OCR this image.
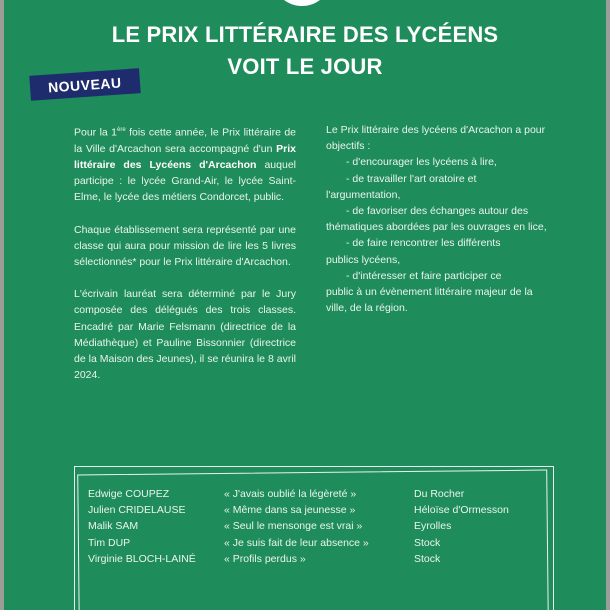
LE PRIX LITTÉRAIRE DES LYCÉENS
VOIT LE JOUR
NOUVEAU

Pour la 1ère fois cette année, le Prix littéraire de la Ville d'Arcachon sera accompagné d'un Prix littéraire des Lycéens d'Arcachon auquel participe : le lycée Grand-Air, le lycée Saint-Elme, le lycée des métiers Condorcet, public.

Chaque établissement sera représenté par une classe qui aura pour mission de lire les 5 livres sélectionnés* pour le Prix littéraire d'Arcachon.

L'écrivain lauréat sera déterminé par le Jury composée des délégués des trois classes. Encadré par Marie Felsmann (directrice de la Médiathèque) et Pauline Bissonnier (directrice de la Maison des Jeunes), il se réunira le 8 avril 2024.

Le Prix littéraire des lycéens d'Arcachon a pour objectifs :
- d'encourager les lycéens à lire,
- de travailler l'art oratoire et
l'argumentation,
- de favoriser des échanges autour des
thématiques abordées par les ouvrages en lice,
- de faire rencontrer les différents
publics lycéens,
- d'intéresser et faire participer ce
public à un évènement littéraire majeur de la ville, de la région.
Edwige COUPEZ	« J'avais oublié la légèreté »	Du Rocher
Julien CRIDELAUSE	« Même dans sa jeunesse »	Héloïse d'Ormesson
Malik SAM	« Seul le mensonge est vrai »	Eyrolles
Tim DUP	« Je suis fait de leur absence »	Stock
Virginie BLOCH-LAINÉ	« Profils perdus »	Stock
